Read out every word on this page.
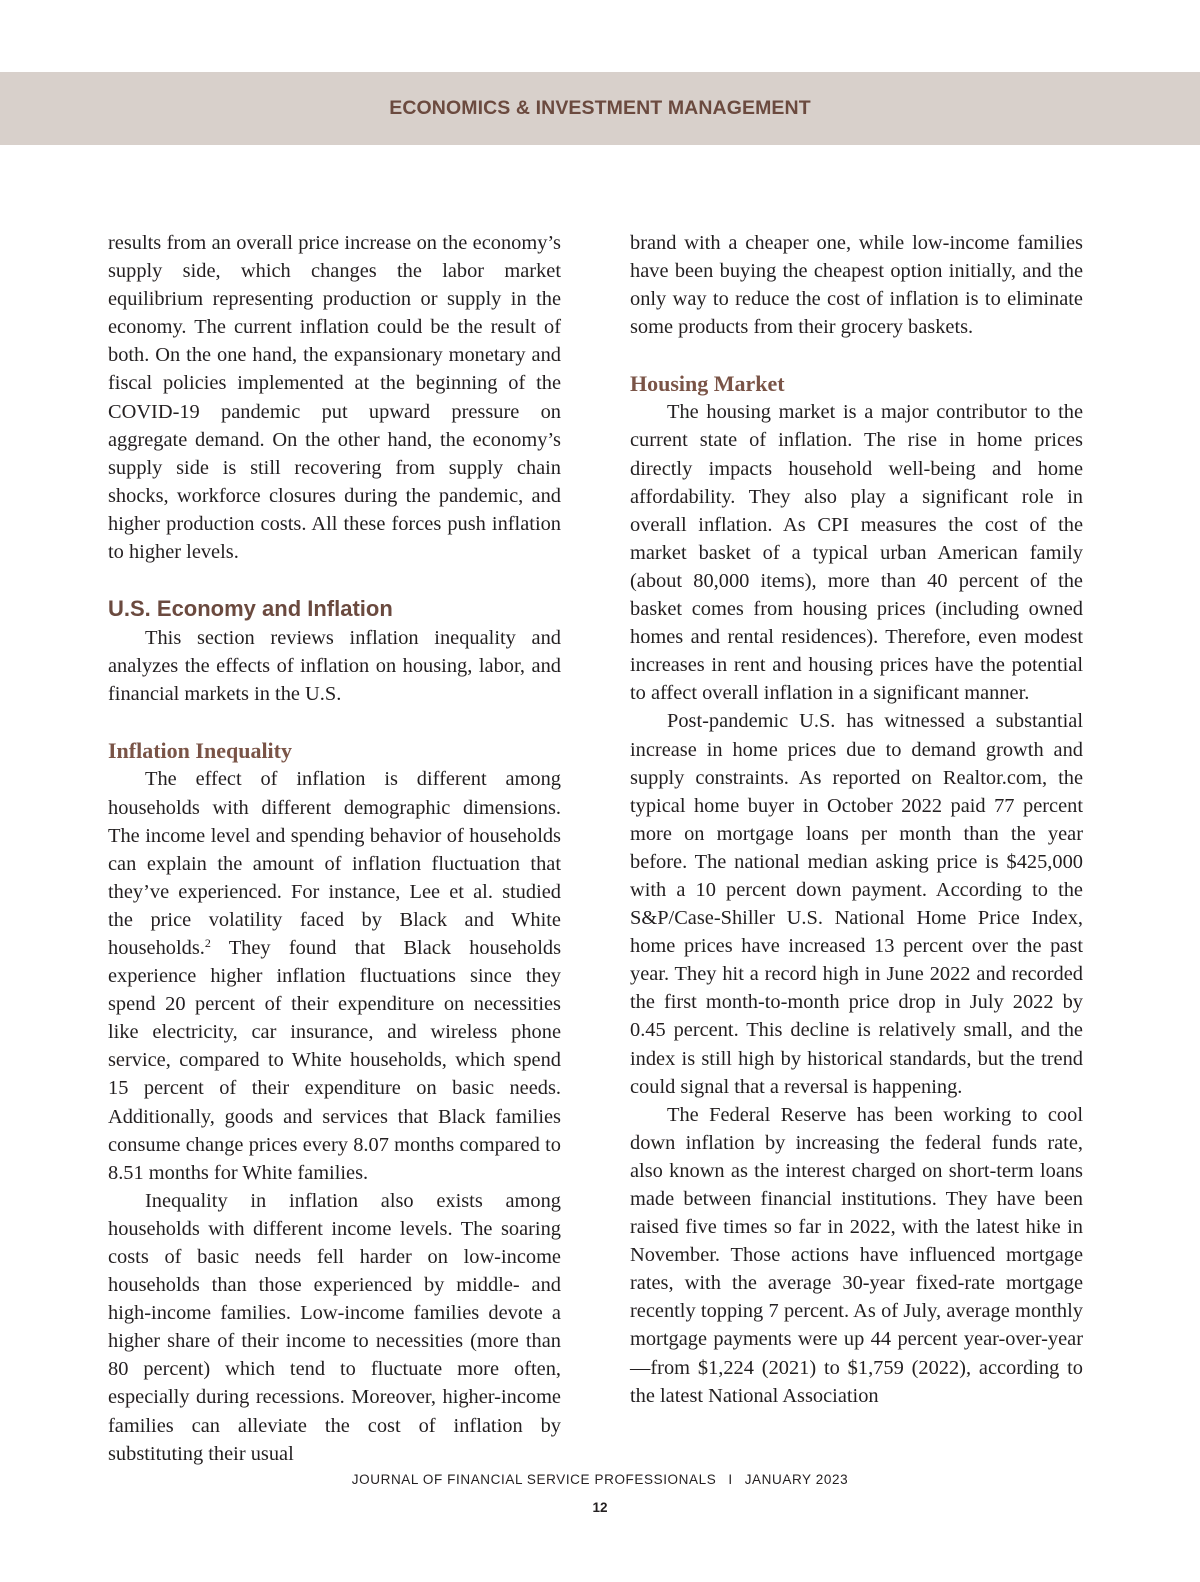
ECONOMICS & INVESTMENT MANAGEMENT

results from an overall price increase on the economy’s supply side, which changes the labor market equilibrium representing production or supply in the economy. The current inflation could be the result of both. On the one hand, the expansionary monetary and fiscal policies implemented at the beginning of the COVID-19 pandemic put upward pressure on aggregate demand. On the other hand, the economy’s supply side is still recovering from supply chain shocks, workforce closures during the pandemic, and higher production costs. All these forces push inflation to higher levels.

U.S. Economy and Inflation

This section reviews inflation inequality and analyzes the effects of inflation on housing, labor, and financial markets in the U.S.

Inflation Inequality

The effect of inflation is different among households with different demographic dimensions. The income level and spending behavior of households can explain the amount of inflation fluctuation that they’ve experienced. For instance, Lee et al. studied the price volatility faced by Black and White households.$^2$ They found that Black households experience higher inflation fluctuations since they spend 20 percent of their expenditure on necessities like electricity, car insurance, and wireless phone service, compared to White households, which spend 15 percent of their expenditure on basic needs. Additionally, goods and services that Black families consume change prices every 8.07 months compared to 8.51 months for White families.

Inequality in inflation also exists among households with different income levels. The soaring costs of basic needs fell harder on low-income households than those experienced by middle- and high-income families. Low-income families devote a higher share of their income to necessities (more than 80 percent) which tend to fluctuate more often, especially during recessions. Moreover, higher-income families can alleviate the cost of inflation by substituting their usual

brand with a cheaper one, while low-income families have been buying the cheapest option initially, and the only way to reduce the cost of inflation is to eliminate some products from their grocery baskets.

Housing Market

The housing market is a major contributor to the current state of inflation. The rise in home prices directly impacts household well-being and home affordability. They also play a significant role in overall inflation. As CPI measures the cost of the market basket of a typical urban American family (about 80,000 items), more than 40 percent of the basket comes from housing prices (including owned homes and rental residences). Therefore, even modest increases in rent and housing prices have the potential to affect overall inflation in a significant manner.

Post-pandemic U.S. has witnessed a substantial increase in home prices due to demand growth and supply constraints. As reported on Realtor.com, the typical home buyer in October 2022 paid 77 percent more on mortgage loans per month than the year before. The national median asking price is $425,000 with a 10 percent down payment. According to the S&P/Case-Shiller U.S. National Home Price Index, home prices have increased 13 percent over the past year. They hit a record high in June 2022 and recorded the first month-to-month price drop in July 2022 by 0.45 percent. This decline is relatively small, and the index is still high by historical standards, but the trend could signal that a reversal is happening.

The Federal Reserve has been working to cool down inflation by increasing the federal funds rate, also known as the interest charged on short-term loans made between financial institutions. They have been raised five times so far in 2022, with the latest hike in November. Those actions have influenced mortgage rates, with the average 30-year fixed-rate mortgage recently topping 7 percent. As of July, average monthly mortgage payments were up 44 percent year-over-year—from $1,224 (2021) to $1,759 (2022), according to the latest National Association

JOURNAL OF FINANCIAL SERVICE PROFESSIONALS I JANUARY 2023
12
